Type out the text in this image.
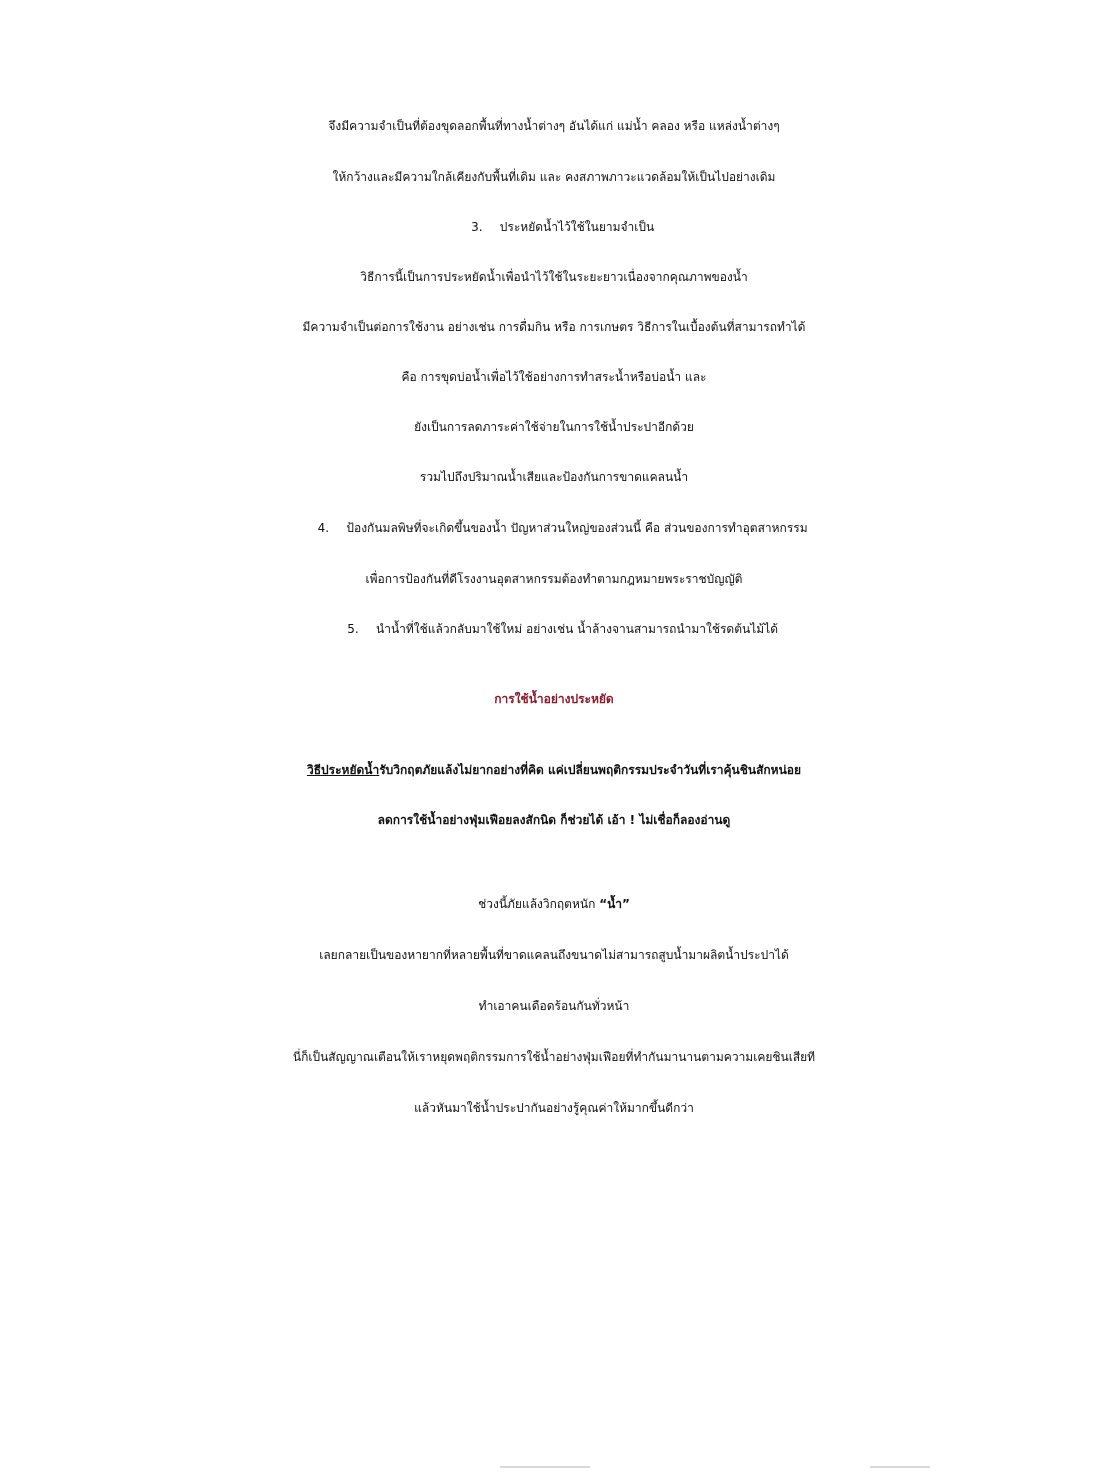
จึงมีความจำเป็นที่ต้องขุดลอกพื้นที่ทางน้ำต่างๆ อันได้แก่ แม่น้ำ คลอง หรือ แหล่งน้ำต่างๆ
ให้กว้างและมีความใกล้เคียงกับพื้นที่เดิม และ คงสภาพภาวะแวดล้อมให้เป็นไปอย่างเดิม
3. ประหยัดน้ำไว้ใช้ในยามจำเป็น
วิธีการนี้เป็นการประหยัดน้ำเพื่อนำไว้ใช้ในระยะยาวเนื่องจากคุณภาพของน้ำ
มีความจำเป็นต่อการใช้งาน อย่างเช่น การดื่มกิน หรือ การเกษตร วิธีการในเบื้องต้นที่สามารถทำได้
คือ การขุดบ่อน้ำเพื่อไว้ใช้อย่างการทำสระน้ำหรือบ่อน้ำ และ
ยังเป็นการลดภาระค่าใช้จ่ายในการใช้น้ำประปาอีกด้วย
รวมไปถึงปริมาณน้ำเสียและป้องกันการขาดแคลนน้ำ
4. ป้องกันมลพิษที่จะเกิดขึ้นของน้ำ ปัญหาส่วนใหญ่ของส่วนนี้ คือ ส่วนของการทำอุตสาหกรรม
เพื่อการป้องกันที่ดีโรงงานอุตสาหกรรมต้องทำตามกฎหมายพระราชบัญญัติ
5. นำน้ำที่ใช้แล้วกลับมาใช้ใหม่ อย่างเช่น น้ำล้างจานสามารถนำมาใช้รดต้นไม้ได้
การใช้น้ำอย่างประหยัด
วิธีประหยัดน้ำรับวิกฤตภัยแล้งไม่ยากอย่างที่คิด แค่เปลี่ยนพฤติกรรมประจำวันที่เราคุ้นชินสักหน่อย
ลดการใช้น้ำอย่างฟุ่มเฟือยลงสักนิด ก็ช่วยได้ เอ้า ! ไม่เชื่อก็ลองอ่านดู
ช่วงนี้ภัยแล้งวิกฤตหนัก “น้ำ”
เลยกลายเป็นของหายากที่หลายพื้นที่ขาดแคลนถึงขนาดไม่สามารถสูบน้ำมาผลิตน้ำประปาได้
ทำเอาคนเดือดร้อนกันทั่วหน้า
นี่ก็เป็นสัญญาณเตือนให้เราหยุดพฤติกรรมการใช้น้ำอย่างฟุ่มเฟือยที่ทำกันมานานตามความเคยชินเสียที
แล้วหันมาใช้น้ำประปากันอย่างรู้คุณค่าให้มากขึ้นดีกว่า
